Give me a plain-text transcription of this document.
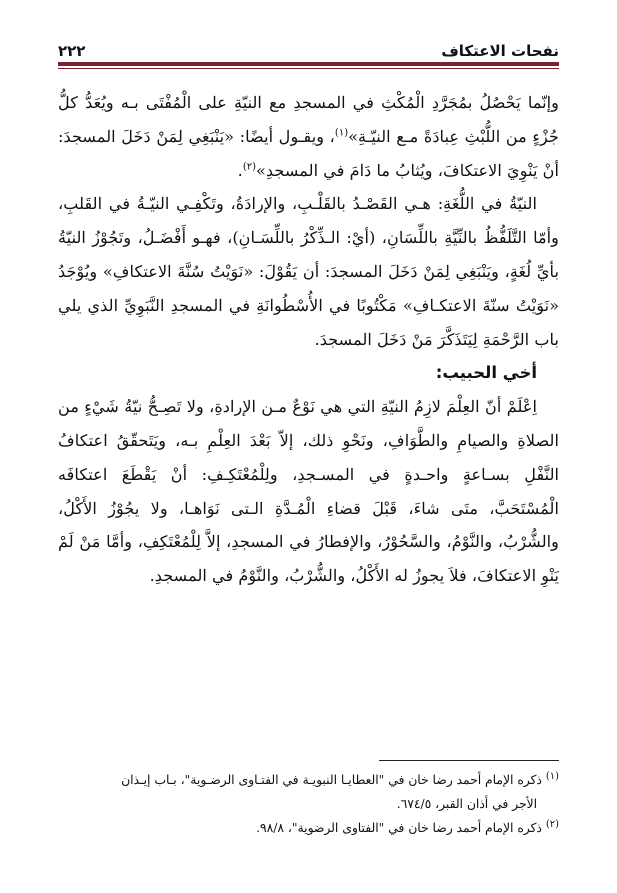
نفحات الاعتكاف
٢٢٢

وإنّما يَحْصُلُ بمُجَرَّدِ الْمُكْثِ في المسجدِ مع النيّةِ على الْمُفْتَى بـه ويُعَدُّ كلُّ جُزْءٍ من اللُّبْثِ عِبادَةً مـع النيّـةِ»$^{(١)}$، ويقـول أيضًا: «يَنْبَغِي لِمَنْ دَخَلَ المسجدَ: أنْ يَنْوِيَ الاعتكافَ، ويُثابُ ما دَامَ في المسجدِ»$^{(٢)}$.

النيّةُ في اللُّغَةِ: هـي القَصْـدُ بالقَلْـبِ، والإرادَةُ، وتَكْفِـي النيّـةُ في القَلبِ، وأمّا التَّلَفُّظُ بالنِّيَّةِ باللِّسَانِ، (أيْ: الـذِّكْرُ باللِّسَـانِ)، فهـو أَفْضَـلُ، وتَجُوْزُ النيّةُ بأيِّ لُغَةٍ، ويَنْبَغِي لِمَنْ دَخَلَ المسجدَ: أن يَقُوْلَ: «نَوَيْتُ سُنَّةَ الاعتكافِ» ويُوْجَدُ «نَوَيْتُ سنّةَ الاعتكـافِ» مَكْتُوبًا في الأُسْطُوانَةِ في المسجدِ النَّبَوِيِّ الذي يلي باب الرَّحْمَةِ لِيَتَذَكَّرَ مَنْ دَخَلَ المسجدَ.

أخي الحبيب:

اِعْلَمْ أنّ العِلْمَ لازِمُ النيّةِ التي هي نَوْعٌ مـن الإرادةِ، ولا تَصِـحُّ نيّةُ شَيْءٍ من الصلاةِ والصيامِ والطَّوَافِ، ونَحْوِ ذلك، إلاّ بَعْدَ العِلْمِ بـه، ويَتَحقّقُ اعتكافُ النَّفْلِ بسـاعةٍ واحـدةٍ في المسـجدِ، ولِلْمُعْتَكِـفِ: أنْ يَقْطَعَ اعتكافَه الْمُسْتَحَبَّ، متَى شاءَ، قَبْلَ قضاءِ الْمُـدَّةِ الـتى نَوَاهـا، ولا يجُوْزُ الأَكْلُ، والشُّرْبُ، والنَّوْمُ، والسَّحُوْرُ، والإفطارُ في المسجدِ، إلاَّ لِلْمُعْتَكِفِ، وأمَّا مَنْ لَمْ يَنْوِ الاعتكافَ، فلاَ يجوزُ له الأَكْلُ، والشُّرْبُ، والنَّوْمُ في المسجدِ.

$^{(١)}$ ذكره الإمام أحمد رضا خان في "العطايـا النبويـة في الفتـاوى الرضـوية"، بـاب إيـذان

الأجر في أذان القبر، ٦٧٤/٥.

$^{(٢)}$ ذكره الإمام أحمد رضا خان في "الفتاوى الرضوية"، ٩٨/٨.
